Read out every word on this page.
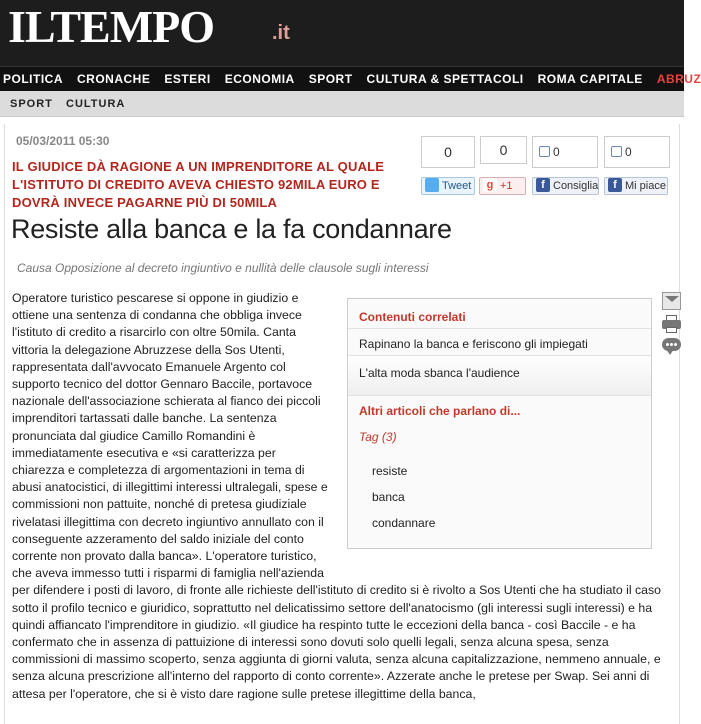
ILTEMPO	.it
POLITICA CRONACHE ESTERI ECONOMIA SPORT CULTURA & SPETTACOLI ROMA CAPITALE ABRUZ
SPORT CULTURA
05/03/2011 05:30
IL GIUDICE DÀ RAGIONE A UN IMPRENDITORE AL QUALE L'ISTITUTO DI CREDITO AVEVA CHIESTO 92MILA EURO E DOVRÀ INVECE PAGARNE PIÙ DI 50MILA
Resiste alla banca e la fa condannare
Causa Opposizione al decreto ingiuntivo e nullità delle clausole sugli interessi
0	0	0	0
Tweet	g +1	f Consiglia	f Mi piace
Operatore turistico pescarese si oppone in giudizio e ottiene una sentenza di condanna che obbliga invece l'istituto di credito a risarcirlo con oltre 50mila. Canta vittoria la delegazione Abruzzese della Sos Utenti, rappresentata dall'avvocato Emanuele Argento col supporto tecnico del dottor Gennaro Baccile, portavoce nazionale dell'associazione schierata al fianco dei piccoli imprenditori tartassati dalle banche. La sentenza pronunciata dal giudice Camillo Romandini è immediatamente esecutiva e «si caratterizza per chiarezza e completezza di argomentazioni in tema di abusi anatocistici, di illegittimi interessi ultralegali, spese e commissioni non pattuite, nonché di pretesa giudiziale rivelatasi illegittima con decreto ingiuntivo annullato con il conseguente azzeramento del saldo iniziale del conto corrente non provato dalla banca». L'operatore turistico, che aveva immesso tutti i risparmi di famiglia nell'azienda per difendere i posti di lavoro, di fronte alle richieste dell'istituto di credito si è rivolto a Sos Utenti che ha studiato il caso sotto il profilo tecnico e giuridico, soprattutto nel delicatissimo settore dell'anatocismo (gli interessi sugli interessi) e ha quindi affiancato l'imprenditore in giudizio. «Il giudice ha respinto tutte le eccezioni della banca - così Baccile - e ha confermato che in assenza di pattuizione di interessi sono dovuti solo quelli legali, senza alcuna spesa, senza commissioni di massimo scoperto, senza aggiunta di giorni valuta, senza alcuna capitalizzazione, nemmeno annuale, e senza alcuna prescrizione all'interno del rapporto di conto corrente». Azzerate anche le pretese per Swap. Sei anni di attesa per l'operatore, che si è visto dare ragione sulle pretese illegittime della banca,
Contenuti correlati
Rapinano la banca e feriscono gli impiegati
L'alta moda sbanca l'audience
Altri articoli che parlano di...
Tag (3)
resiste
banca
condannare
